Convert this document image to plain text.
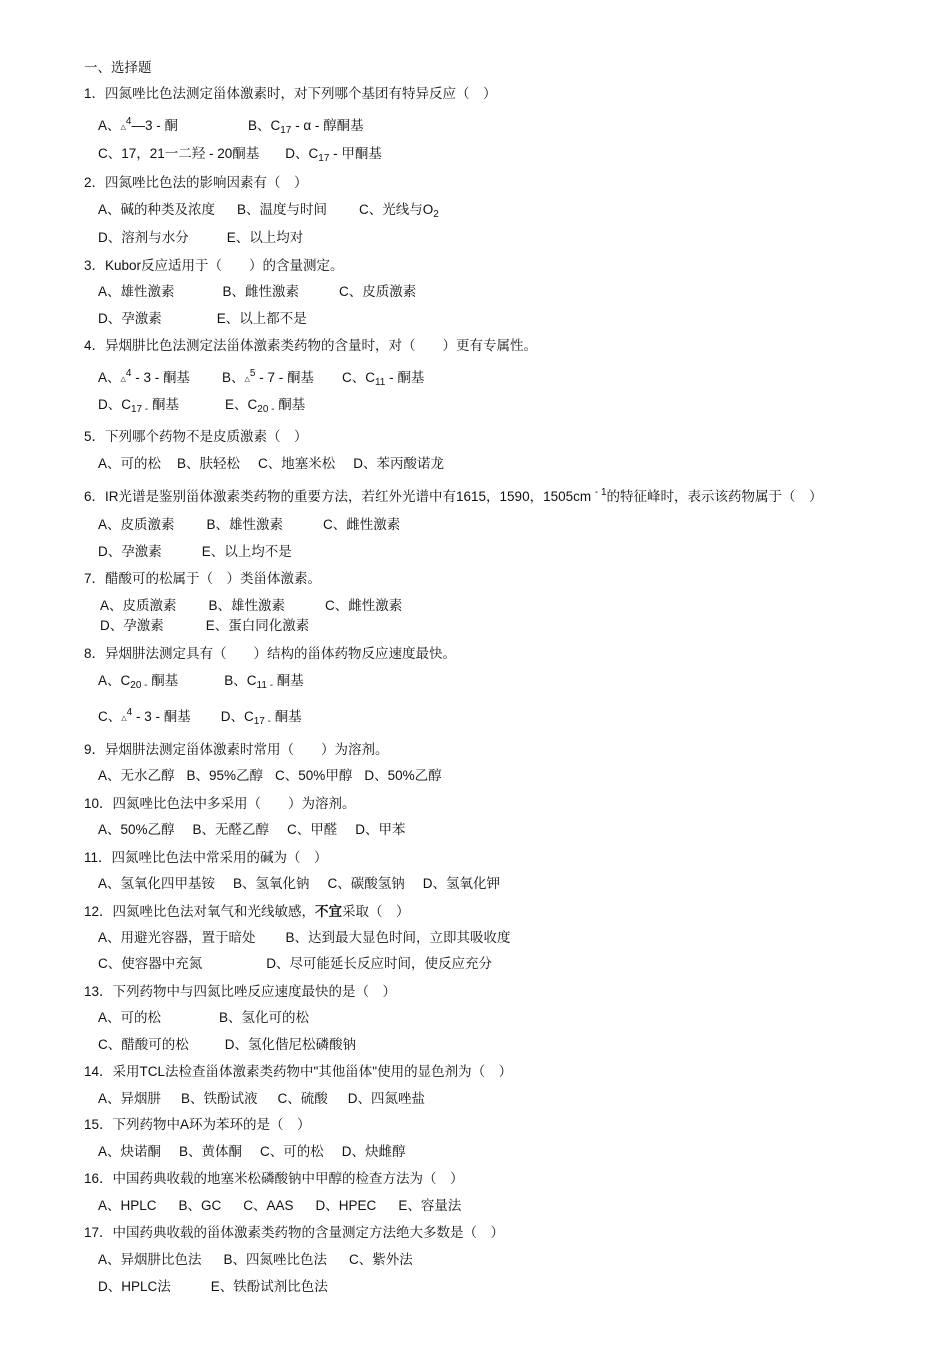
一、选择题
1．四氮唑比色法测定甾体激素时，对下列哪个基团有特异反应（　）
A、△$^4$—3 - 酮	B、$C_{17}$ - α - 醇酮基
C、17，21一二羟 - 20酮基 D、$C_{17}$ - 甲酮基
2．四氮唑比色法的影响因素有（　）
A、碱的种类及浓度 B、温度与时间 C、光线与$O_2$
D、溶剂与水分	E、以上均对
3．Kubor反应适用于（　　）的含量测定。
A、雄性激素	B、雌性激素	C、皮质激素
D、孕激素	E、以上都不是
4．异烟肼比色法测定法甾体激素类药物的含量时，对（　　）更有专属性。
A、△$^4$ - 3 - 酮基 B、△$^5$ - 7 - 酮基 C、$C_{11}$ - 酮基
D、$C_{17 -}$ 酮基	E、$C_{20 -}$ 酮基
5．下列哪个药物不是皮质激素（　）
A、可的松 B、肤轻松 C、地塞米松 D、苯丙酸诺龙
6．IR光谱是鉴别甾体激素类药物的重要方法，若红外光谱中有1615，1590，1505cm $^{- 1}$的特征峰时，表示该药物属于（　）
A、皮质激素 B、雄性激素	C、雌性激素
D、孕激素	E、以上均不是
7．醋酸可的松属于（　）类甾体激素。
A、皮质激素 B、雄性激素	C、雌性激素
D、孕激素	E、蛋白同化激素
8．异烟肼法测定具有（　　）结构的甾体药物反应速度最快。
A、$C_{20 -}$ 酮基	B、$C_{11 -}$ 酮基
C、△$^4$ - 3 - 酮基 D、$C_{17 -}$ 酮基
9．异烟肼法测定甾体激素时常用（　　）为溶剂。
A、无水乙醇 B、95%乙醇 C、50%甲醇 D、50%乙醇
10．四氮唑比色法中多采用（　　）为溶剂。
A、50%乙醇 B、无醛乙醇 C、甲醛 D、甲苯
11．四氮唑比色法中常采用的碱为（　）
A、氢氧化四甲基铵 B、氢氧化钠 C、碳酸氢钠 D、氢氧化钾
12．四氮唑比色法对氧气和光线敏感，不宜采取（　）
A、用避光容器，置于暗处 B、达到最大显色时间，立即其吸收度
C、使容器中充氮	D、尽可能延长反应时间，使反应充分
13．下列药物中与四氮比唑反应速度最快的是（　）
A、可的松	B、氢化可的松
C、醋酸可的松	D、氢化偕尼松磷酸钠
14．采用TCL法检查甾体激素类药物中"其他甾体"使用的显色剂为（　）
A、异烟肼 B、铁酚试液 C、硫酸 D、四氮唑盐
15．下列药物中A环为苯环的是（　）
A、炔诺酮 B、黄体酮 C、可的松 D、炔雌醇
16．中国药典收载的地塞米松磷酸钠中甲醇的检查方法为（　）
A、HPLC B、GC C、AAS D、HPEC E、容量法
17．中国药典收载的甾体激素类药物的含量测定方法绝大多数是（　）
A、异烟肼比色法 B、四氮唑比色法 C、紫外法
D、HPLC法	E、铁酚试剂比色法
